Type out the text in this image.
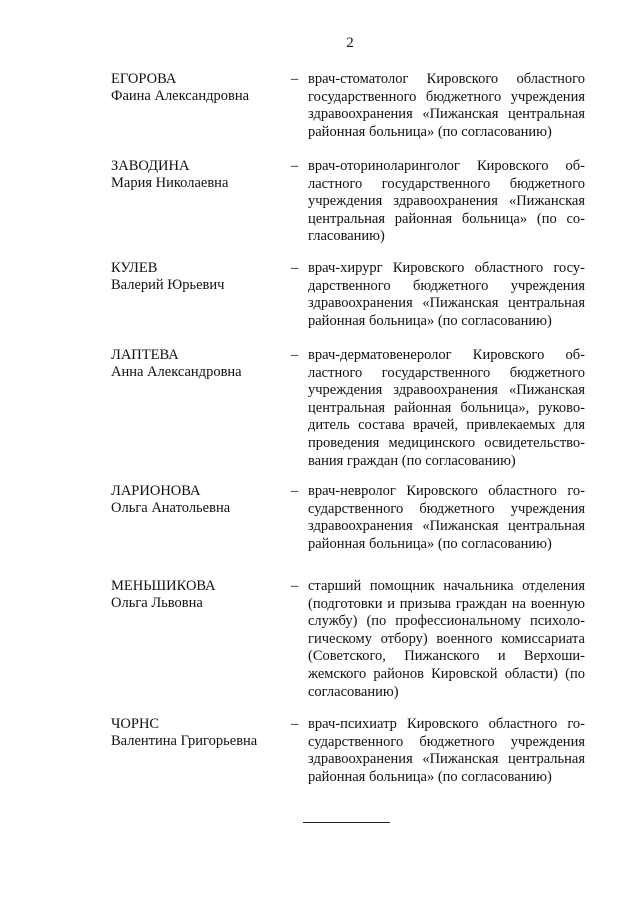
2
ЕГОРОВА
Фаина Александровна
– врач-стоматолог Кировского областного
государственного бюджетного учреждения
здравоохранения «Пижанская центральная
районная больница» (по согласованию)
ЗАВОДИНА
Мария Николаевна
– врач-оториноларинголог Кировского об-
ластного государственного бюджетного
учреждения здравоохранения «Пижанская
центральная районная больница» (по со-
гласованию)
КУЛЕВ
Валерий Юрьевич
– врач-хирург Кировского областного госу-
дарственного бюджетного учреждения
здравоохранения «Пижанская центральная
районная больница» (по согласованию)
ЛАПТЕВА
Анна Александровна
– врач-дерматовенеролог Кировского об-
ластного государственного бюджетного
учреждения здравоохранения «Пижанская
центральная районная больница», руково-
дитель состава врачей, привлекаемых для
проведения медицинского освидетельство-
вания граждан (по согласованию)
ЛАРИОНОВА
Ольга Анатольевна
– врач-невролог Кировского областного го-
сударственного бюджетного учреждения
здравоохранения «Пижанская центральная
районная больница» (по согласованию)
МЕНЬШИКОВА
Ольга Львовна
– старший помощник начальника отделения
(подготовки и призыва граждан на военную
службу) (по профессиональному психоло-
гическому отбору) военного комиссариата
(Советского, Пижанского и Верхоши-
жемского районов Кировской области) (по
согласованию)
ЧОРНС
Валентина Григорьевна
– врач-психиатр Кировского областного го-
сударственного бюджетного учреждения
здравоохранения «Пижанская центральная
районная больница» (по согласованию)
